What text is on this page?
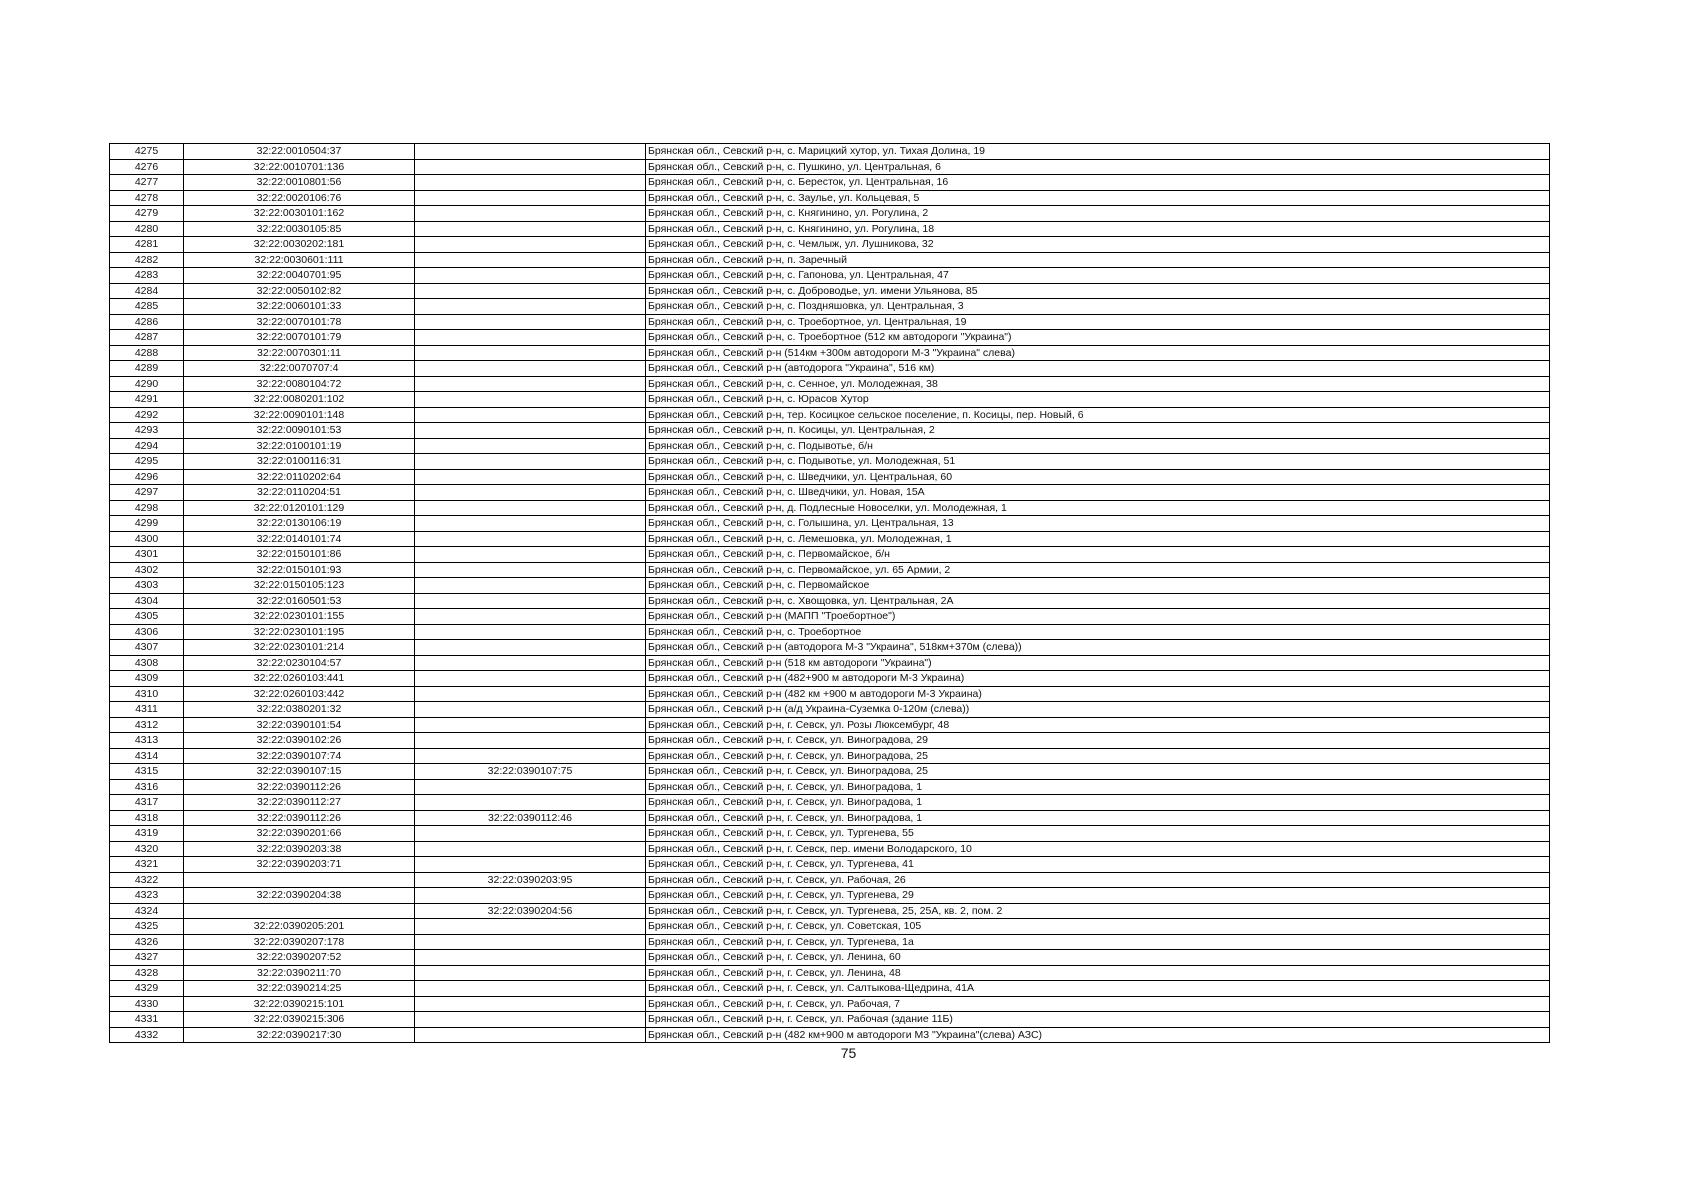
4275	32:22:0010504:37		Брянская обл., Севский р-н, с. Марицкий хутор, ул. Тихая Долина, 19
4276	32:22:0010701:136		Брянская обл., Севский р-н, с. Пушкино, ул. Центральная, 6
4277	32:22:0010801:56		Брянская обл., Севский р-н, с. Береcток, ул. Центральная, 16
4278	32:22:0020106:76		Брянская обл., Севский р-н, с. Заулье, ул. Кольцевая, 5
4279	32:22:0030101:162		Брянская обл., Севский р-н, с. Княгинино, ул. Рогулина, 2
4280	32:22:0030105:85		Брянская обл., Севский р-н, с. Княгинино, ул. Рогулина, 18
4281	32:22:0030202:181		Брянская обл., Севский р-н, с. Чемлыж, ул. Лушникова, 32
4282	32:22:0030601:111		Брянская обл., Севский р-н, п. Заречный
4283	32:22:0040701:95		Брянская обл., Севский р-н, с. Гапонова, ул. Центральная, 47
4284	32:22:0050102:82		Брянская обл., Севский р-н, с. Доброводье, ул. имени Ульянова, 85
4285	32:22:0060101:33		Брянская обл., Севский р-н, с. Поздняшовка, ул. Центральная, 3
4286	32:22:0070101:78		Брянская обл., Севский р-н, с. Троебортное, ул. Центральная, 19
4287	32:22:0070101:79		Брянская обл., Севский р-н, с. Троебортное (512 км автодороги "Украина")
4288	32:22:0070301:11		Брянская обл., Севский р-н (514км +300м автодороги М-3 "Украина" слева)
4289	32:22:0070707:4		Брянская обл., Севский р-н (автодорога "Украина", 516 км)
4290	32:22:0080104:72		Брянская обл., Севский р-н, с. Сенное, ул. Молодежная, 38
4291	32:22:0080201:102		Брянская обл., Севский р-н, с. Юрасов Хутор
4292	32:22:0090101:148		Брянская обл., Севский р-н, тер. Косицкое сельское поселение, п. Косицы, пер. Новый, 6
4293	32:22:0090101:53		Брянская обл., Севский р-н, п. Косицы, ул. Центральная, 2
4294	32:22:0100101:19		Брянская обл., Севский р-н, с. Подывотье, б/н
4295	32:22:0100116:31		Брянская обл., Севский р-н, с. Подывотье, ул. Молодежная, 51
4296	32:22:0110202:64		Брянская обл., Севский р-н, с. Шведчики, ул. Центральная, 60
4297	32:22:0110204:51		Брянская обл., Севский р-н, с. Шведчики, ул. Новая, 15А
4298	32:22:0120101:129		Брянская обл., Севский р-н, д. Подлесные Новоселки, ул. Молодежная, 1
4299	32:22:0130106:19		Брянская обл., Севский р-н, с. Голышина, ул. Центральная, 13
4300	32:22:0140101:74		Брянская обл., Севский р-н, с. Лемешовка, ул. Молодежная, 1
4301	32:22:0150101:86		Брянская обл., Севский р-н, с. Первомайское, б/н
4302	32:22:0150101:93		Брянская обл., Севский р-н, с. Первомайское, ул. 65 Армии, 2
4303	32:22:0150105:123		Брянская обл., Севский р-н, с. Первомайское
4304	32:22:0160501:53		Брянская обл., Севский р-н, с. Хвощовка, ул. Центральная, 2А
4305	32:22:0230101:155		Брянская обл., Севский р-н (МАПП "Троебортное")
4306	32:22:0230101:195		Брянская обл., Севский р-н, с. Троебортное
4307	32:22:0230101:214		Брянская обл., Севский р-н (автодорога М-3 "Украина", 518км+370м (слева))
4308	32:22:0230104:57		Брянская обл., Севский р-н (518 км автодороги "Украина")
4309	32:22:0260103:441		Брянская обл., Севский р-н (482+900 м автодороги М-3 Украина)
4310	32:22:0260103:442		Брянская обл., Севский р-н (482 км +900 м автодороги М-3 Украина)
4311	32:22:0380201:32		Брянская обл., Севский р-н (а/д Украина-Суземка 0-120м (слева))
4312	32:22:0390101:54		Брянская обл., Севский р-н, г. Севск, ул. Розы Люксембург, 48
4313	32:22:0390102:26		Брянская обл., Севский р-н, г. Севск, ул. Виноградова, 29
4314	32:22:0390107:74		Брянская обл., Севский р-н, г. Севск, ул. Виноградова, 25
4315	32:22:0390107:15	32:22:0390107:75	Брянская обл., Севский р-н, г. Севск, ул. Виноградова, 25
4316	32:22:0390112:26		Брянская обл., Севский р-н, г. Севск, ул. Виноградова, 1
4317	32:22:0390112:27		Брянская обл., Севский р-н, г. Севск, ул. Виноградова, 1
4318	32:22:0390112:26	32:22:0390112:46	Брянская обл., Севский р-н, г. Севск, ул. Виноградова, 1
4319	32:22:0390201:66		Брянская обл., Севский р-н, г. Севск, ул. Тургенева, 55
4320	32:22:0390203:38		Брянская обл., Севский р-н, г. Севск, пер. имени Володарского, 10
4321	32:22:0390203:71		Брянская обл., Севский р-н, г. Севск, ул. Тургенева, 41
4322		32:22:0390203:95	Брянская обл., Севский р-н, г. Севск, ул. Рабочая, 26
4323	32:22:0390204:38		Брянская обл., Севский р-н, г. Севск, ул. Тургенева, 29
4324		32:22:0390204:56	Брянская обл., Севский р-н, г. Севск, ул. Тургенева, 25, 25А, кв. 2, пом. 2
4325	32:22:0390205:201		Брянская обл., Севский р-н, г. Севск, ул. Советская, 105
4326	32:22:0390207:178		Брянская обл., Севский р-н, г. Севск, ул. Тургенева, 1а
4327	32:22:0390207:52		Брянская обл., Севский р-н, г. Севск, ул. Ленина, 60
4328	32:22:0390211:70		Брянская обл., Севский р-н, г. Севск, ул. Ленина, 48
4329	32:22:0390214:25		Брянская обл., Севский р-н, г. Севск, ул. Салтыкова-Щедрина, 41А
4330	32:22:0390215:101		Брянская обл., Севский р-н, г. Севск, ул. Рабочая, 7
4331	32:22:0390215:306		Брянская обл., Севский р-н, г. Севск, ул. Рабочая (здание 11Б)
4332	32:22:0390217:30		Брянская обл., Севский р-н (482 км+900 м автодороги М3 "Украина"(слева) АЗС)
75
